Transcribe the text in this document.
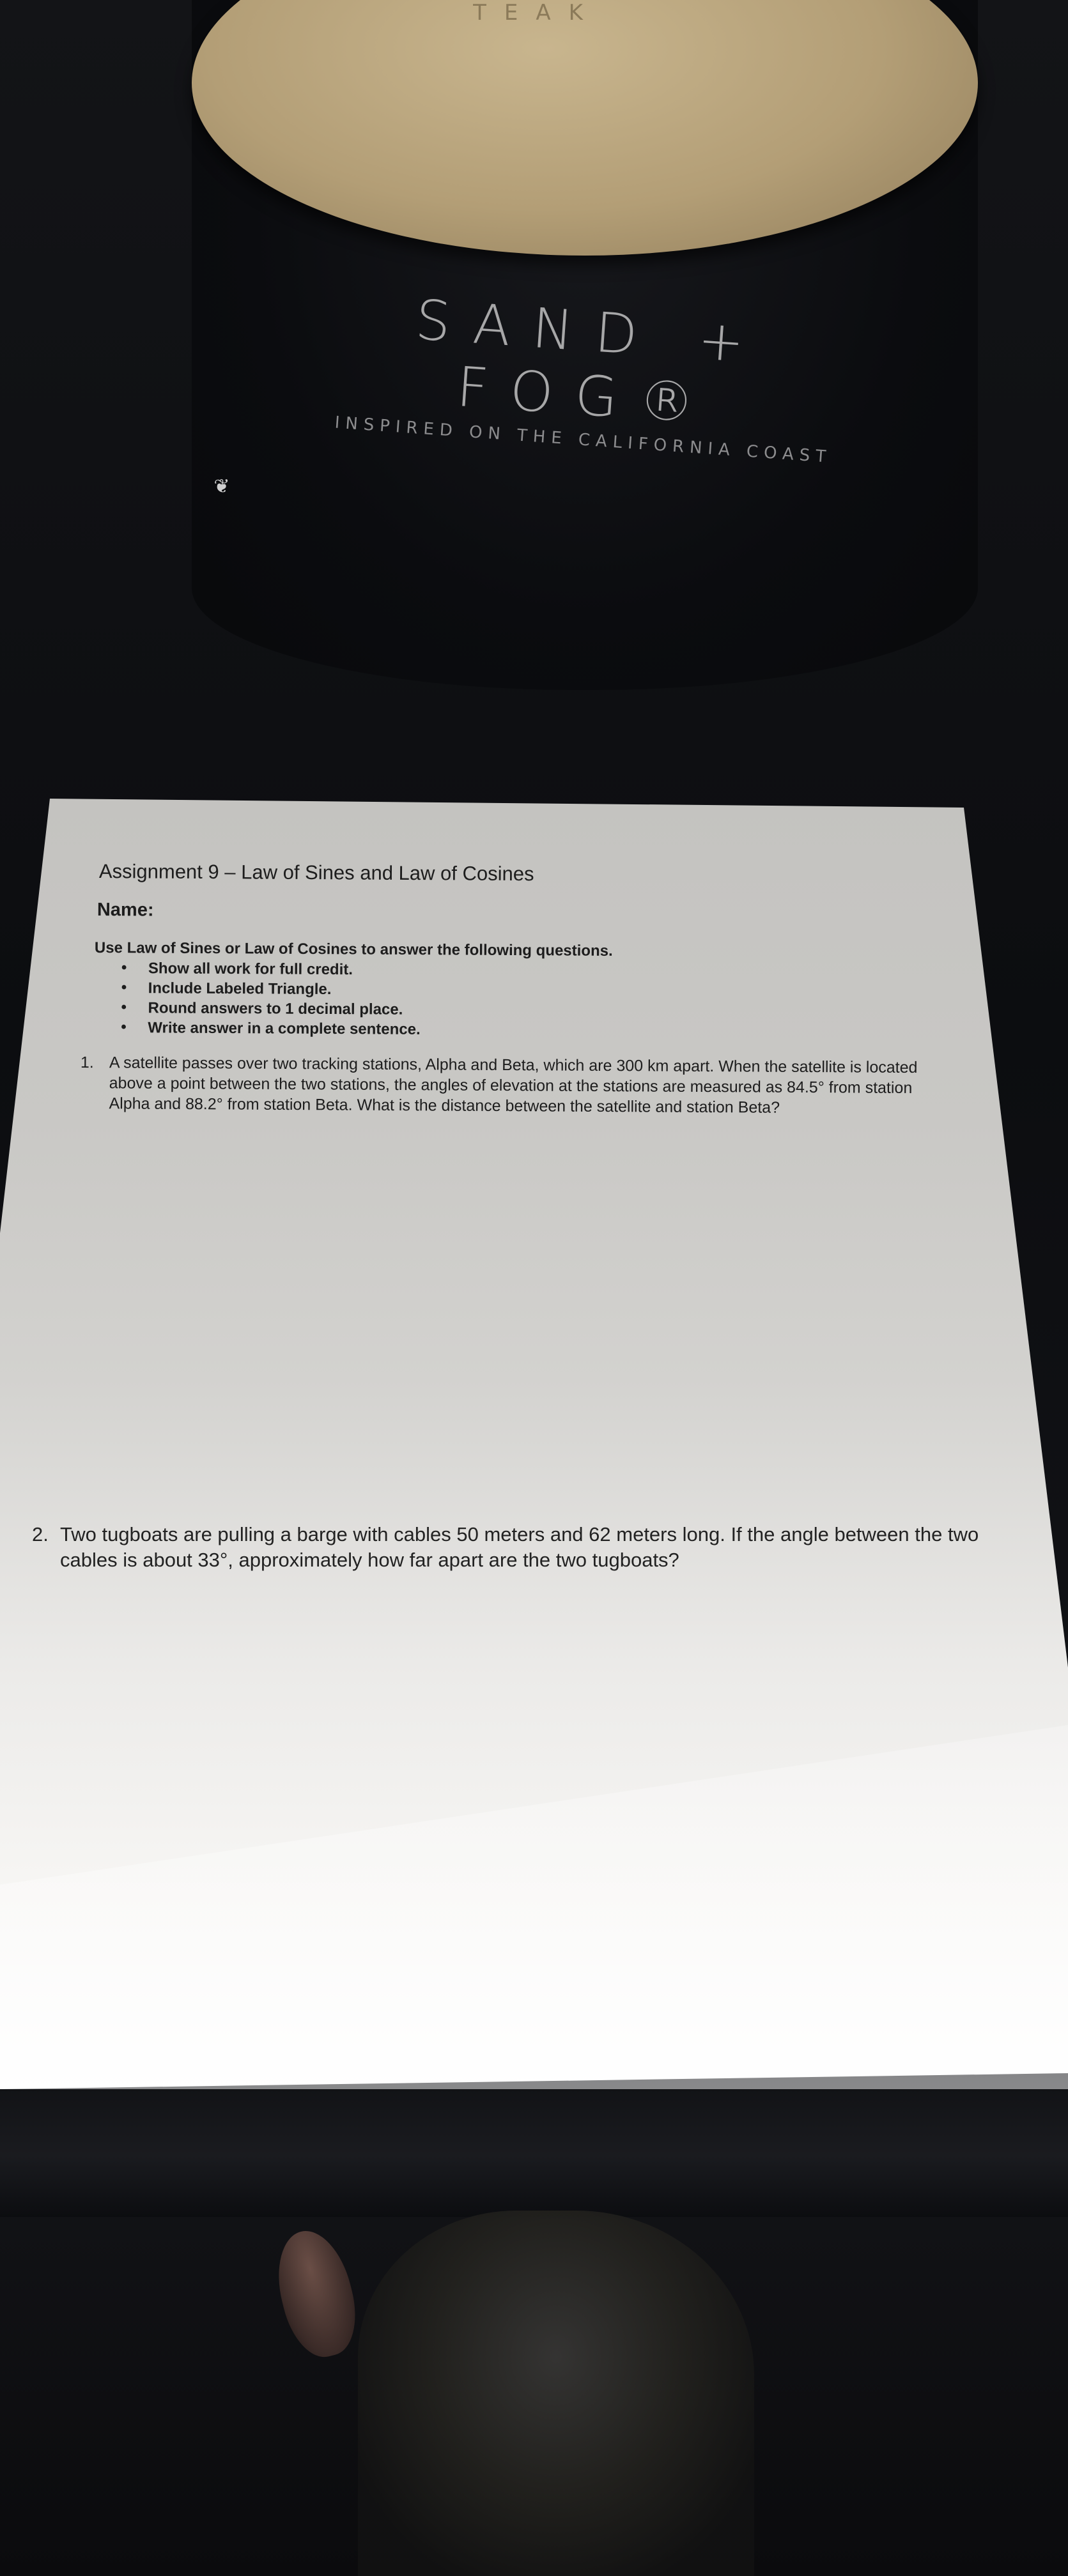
TEAK
SAND + FOG®
INSPIRED ON THE CALIFORNIA COAST
❦
Assignment 9 – Law of Sines and Law of Cosines
Name:
Use Law of Sines or Law of Cosines to answer the following questions.
• Show all work for full credit.
• Include Labeled Triangle.
• Round answers to 1 decimal place.
• Write answer in a complete sentence.
1. A satellite passes over two tracking stations, Alpha and Beta, which are 300 km apart. When the satellite is located above a point between the two stations, the angles of elevation at the stations are measured as 84.5° from station Alpha and 88.2° from station Beta. What is the distance between the satellite and station Beta?
2. Two tugboats are pulling a barge with cables 50 meters and 62 meters long. If the angle between the two cables is about 33°, approximately how far apart are the two tugboats?
